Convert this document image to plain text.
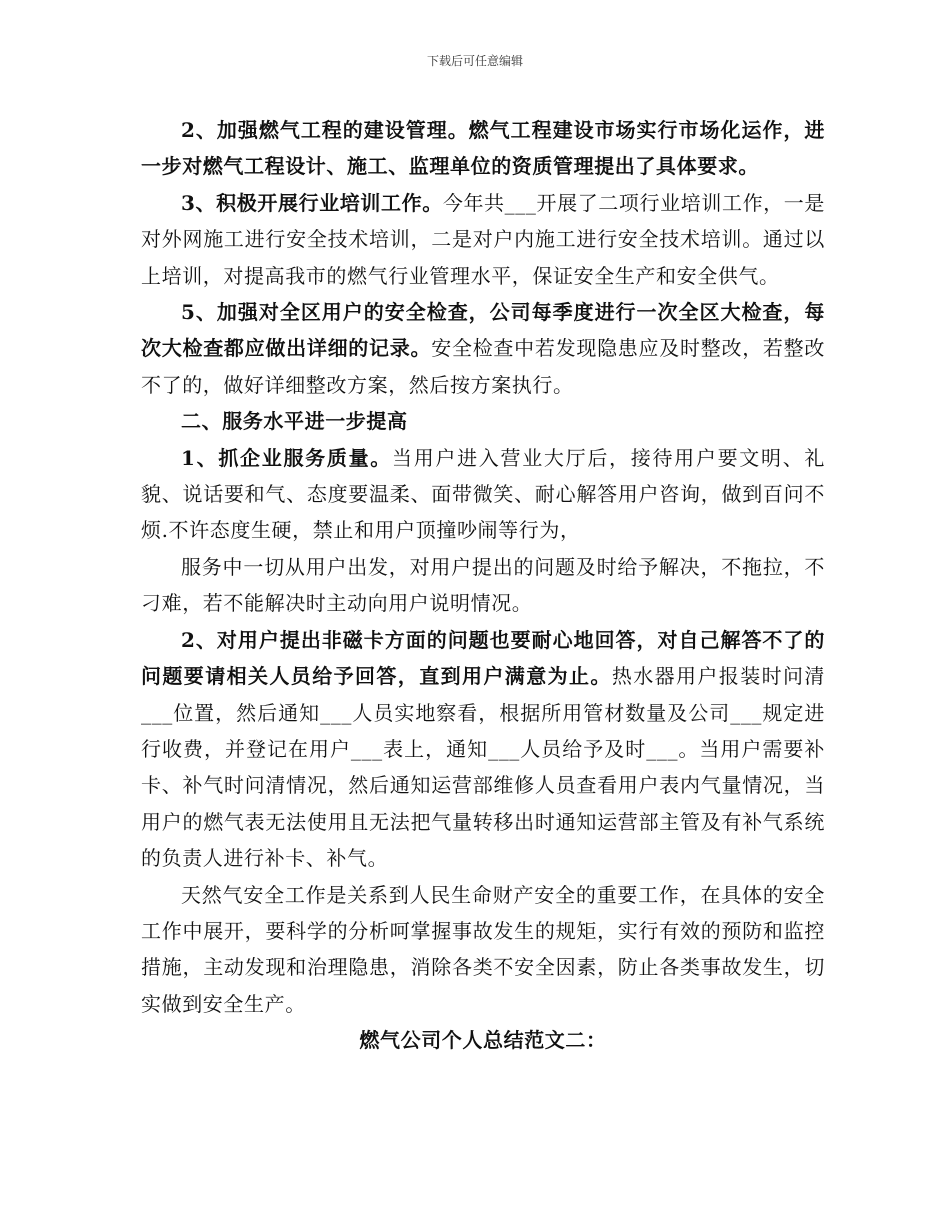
下载后可任意编辑

2、加强燃气工程的建设管理。燃气工程建设市场实行市场化运作，进一步对燃气工程设计、施工、监理单位的资质管理提出了具体要求。

3、积极开展行业培训工作。今年共___开展了二项行业培训工作，一是对外网施工进行安全技术培训，二是对户内施工进行安全技术培训。通过以上培训，对提高我市的燃气行业管理水平，保证安全生产和安全供气。

5、加强对全区用户的安全检查，公司每季度进行一次全区大检查，每次大检查都应做出详细的记录。安全检查中若发现隐患应及时整改，若整改不了的，做好详细整改方案，然后按方案执行。

二、服务水平进一步提高

1、抓企业服务质量。当用户进入营业大厅后，接待用户要文明、礼貌、说话要和气、态度要温柔、面带微笑、耐心解答用户咨询，做到百问不烦.不许态度生硬，禁止和用户顶撞吵闹等行为，

服务中一切从用户出发，对用户提出的问题及时给予解决，不拖拉，不刁难，若不能解决时主动向用户说明情况。

2、对用户提出非磁卡方面的问题也要耐心地回答，对自己解答不了的问题要请相关人员给予回答，直到用户满意为止。热水器用户报装时问清___位置，然后通知___人员实地察看，根据所用管材数量及公司___规定进行收费，并登记在用户___表上，通知___人员给予及时___。当用户需要补卡、补气时问清情况，然后通知运营部维修人员查看用户表内气量情况，当用户的燃气表无法使用且无法把气量转移出时通知运营部主管及有补气系统的负责人进行补卡、补气。

天然气安全工作是关系到人民生命财产安全的重要工作，在具体的安全工作中展开，要科学的分析呵掌握事故发生的规矩，实行有效的预防和监控措施，主动发现和治理隐患，消除各类不安全因素，防止各类事故发生，切实做到安全生产。

燃气公司个人总结范文二：
